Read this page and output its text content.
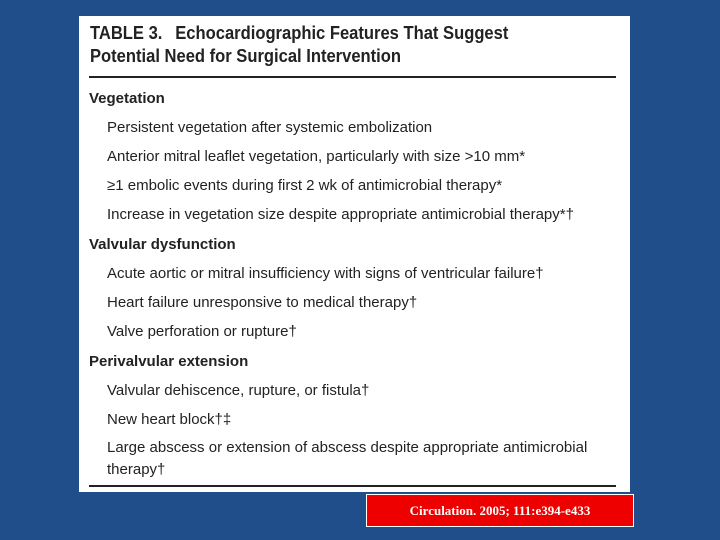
TABLE 3. Echocardiographic Features That Suggest Potential Need for Surgical Intervention
Vegetation
Persistent vegetation after systemic embolization
Anterior mitral leaflet vegetation, particularly with size >10 mm*
≥1 embolic events during first 2 wk of antimicrobial therapy*
Increase in vegetation size despite appropriate antimicrobial therapy*†
Valvular dysfunction
Acute aortic or mitral insufficiency with signs of ventricular failure†
Heart failure unresponsive to medical therapy†
Valve perforation or rupture†
Perivalvular extension
Valvular dehiscence, rupture, or fistula†
New heart block†‡
Large abscess or extension of abscess despite appropriate antimicrobial therapy†
Circulation. 2005; 111:e394-e433
